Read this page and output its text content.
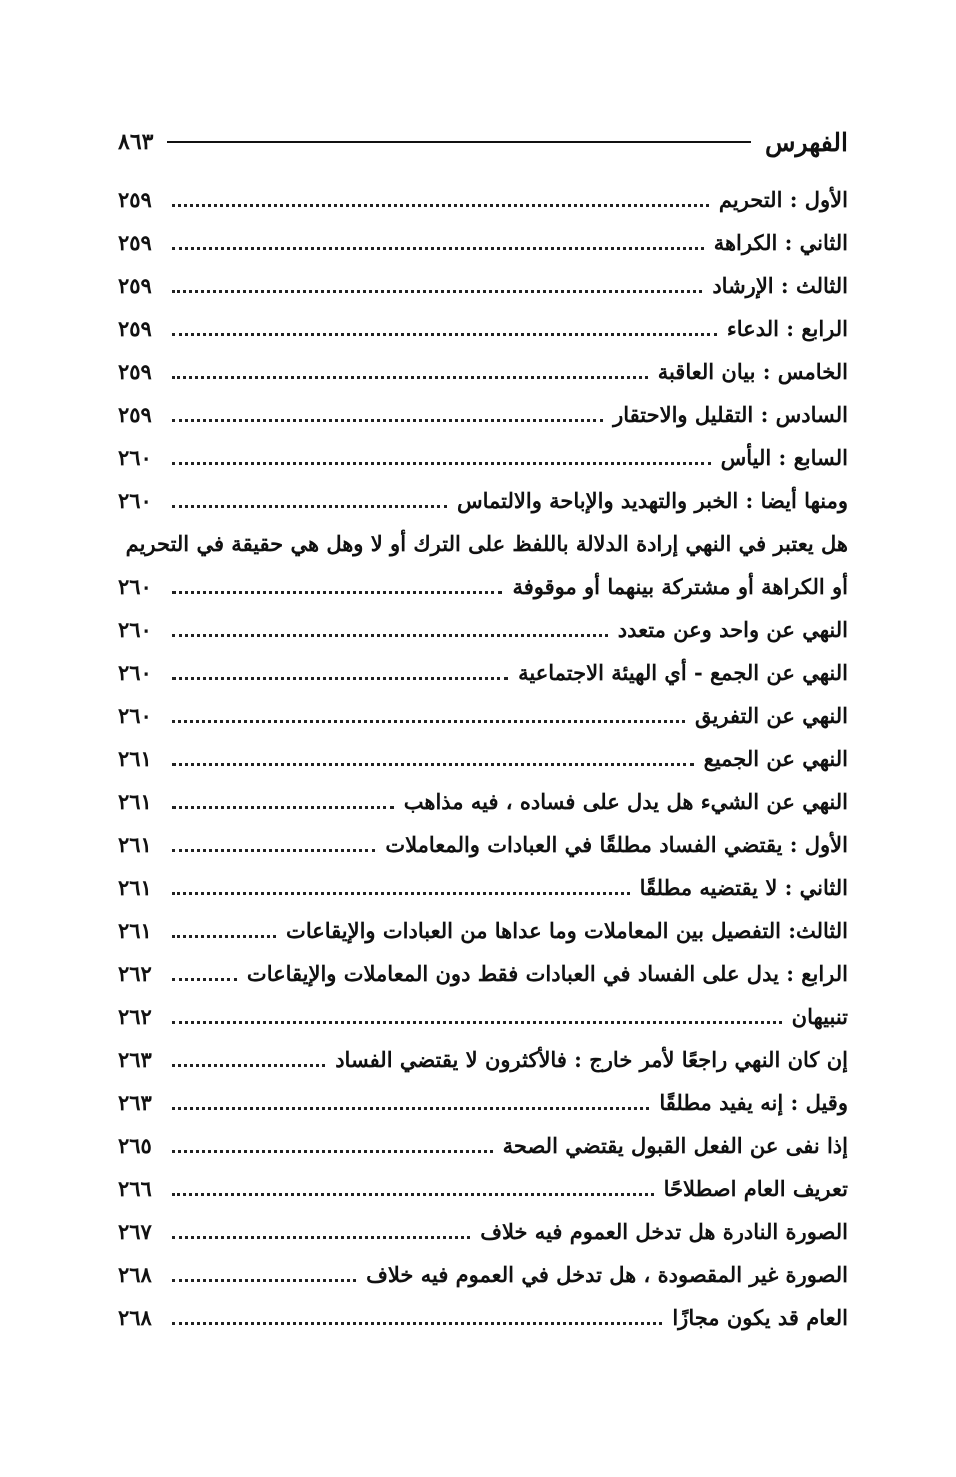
الفهرس
٨٦٣
الأول : التحريم
٢٥٩
الثاني : الكراهة
٢٥٩
الثالث : الإرشاد
٢٥٩
الرابع : الدعاء
٢٥٩
الخامس : بيان العاقبة
٢٥٩
السادس : التقليل والاحتقار
٢٥٩
السابع : اليأس
٢٦٠
ومنها أيضا : الخبر والتهديد والإباحة والالتماس
٢٦٠
هل يعتبر في النهي إرادة الدلالة باللفظ على الترك أو لا وهل هي حقيقة في التحريم
أو الكراهة أو مشتركة بينهما أو موقوفة
٢٦٠
النهي عن واحد وعن متعدد
٢٦٠
النهي عن الجمع - أي الهيئة الاجتماعية
٢٦٠
النهي عن التفريق
٢٦٠
النهي عن الجميع
٢٦١
النهي عن الشيء هل يدل على فساده ، فيه مذاهب
٢٦١
الأول : يقتضي الفساد مطلقًا في العبادات والمعاملات
٢٦١
الثاني : لا يقتضيه مطلقًا
٢٦١
الثالث: التفصيل بين المعاملات وما عداها من العبادات والإيقاعات
٢٦١
الرابع : يدل على الفساد في العبادات فقط دون المعاملات والإيقاعات
٢٦٢
تنبيهان
٢٦٢
إن كان النهي راجعًا لأمر خارج : فالأكثرون لا يقتضي الفساد
٢٦٣
وقيل : إنه يفيد مطلقًا
٢٦٣
إذا نفى عن الفعل القبول يقتضي الصحة
٢٦٥
تعريف العام اصطلاحًا
٢٦٦
الصورة النادرة هل تدخل العموم فيه خلاف
٢٦٧
الصورة غير المقصودة ، هل تدخل في العموم فيه خلاف
٢٦٨
العام قد يكون مجازًا
٢٦٨
